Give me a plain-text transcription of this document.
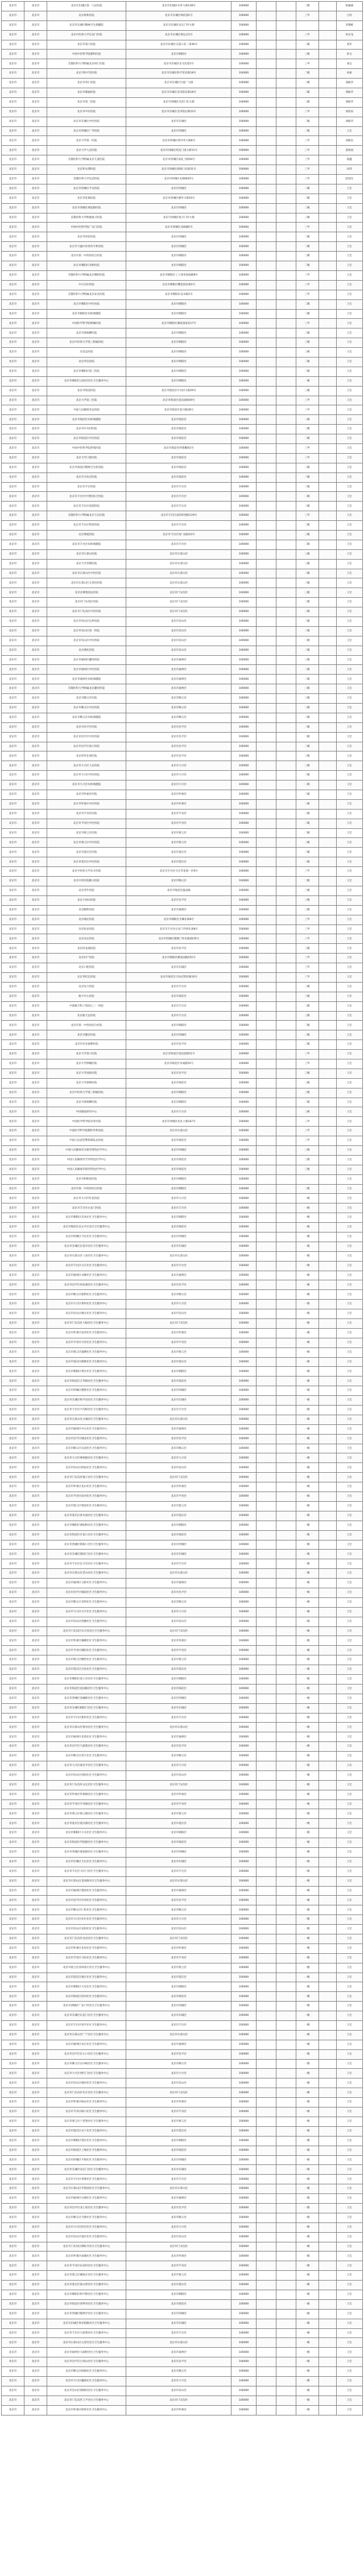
北京市	北京市	北京市东城区第一人民医院	北京市东城区永外大街138号	100000			二级		张颖丽
北京市	北京市	北京协和医院	北京市东城区帅府园1号	100000			三甲		吕亮
北京市	北京市	北京市东城区精神卫生保健院	北京市东城区安定门外大街	100000					李德栋
北京市	北京市	北京中医药大学东直门医院	北京市东城区海运仓5号	100000			三甲		孙京龙
北京市	北京市	北京市第六医院	北京市东城区交道口北二条36号	100000			二级		刘军
北京市	北京市	中国中医科学院眼科医院	北京市朝阳区	100000			三级		赵文
北京市	北京市	首都医科大学附属北京同仁医院	北京市东城区东交民巷1号	100000			三甲		刘志
北京市	北京市	北京市和平里医院	北京市东城区和平里北街18号	100000			二级		孙振
北京市	北京市	北京市普仁医院	北京市东城区台基厂大街	100000			二级		刘振华
北京市	北京市	北京市隆福医院	北京市东城区美术馆东街18号	100000			二级		刘振华
北京市	北京市	北京市第二医院	北京市西城区宣武门东大街	100000			二级		刘振华
北京市	北京市	北京市中医医院	北京市东城区美术馆后街23号	100000			三甲		刘清泉
北京市	北京市	北京市东城区中医医院	北京市东城区	100000			二级		刘振华
北京市	北京市	北京市西城区广外医院	北京市西城区	100000			二级		王宏
北京市	北京市	北京大学第一医院	北京市西城区西什库大街8号	100000			三甲		刘新民
北京市	北京市	北京大学人民医院	北京市西城区西直门南大街11号	100000			三甲		姜保国
北京市	北京市	首都医科大学附属北京儿童医院	北京市西城区南礼士路56号	100000			三甲		倪鑫
北京市	北京市	北京积水潭医院	北京市西城区新街口东街31号	100000			三甲		田伟
北京市	北京市	首都医科大学宣武医院	北京市西城区长椿街45号	100000			三甲		赵国光
北京市	北京市	北京市西城区平安医院	北京市西城区	100000			二级		王宏
北京市	北京市	北京市肛肠医院	北京市西城区德外大街16号	100000			二级		王宏
北京市	北京市	北京市西城区展览路医院	北京市西城区	100000			二级		王宏
北京市	北京市	首都医科大学附属复兴医院	北京市西城区复兴门外大街	100000			三级		王宏
北京市	北京市	中国中医科学院广安门医院	北京市西城区北线阁5号	100000			三甲		王宏
北京市	北京市	北京市回民医院	北京市西城区	100000			二级		王宏
北京市	北京市	北京市丰盛中医骨伤专科医院	北京市西城区	100000			二级		王宏
北京市	北京市	北京市第一中西医结合医院	北京市朝阳区	100000			二级		王宏
北京市	北京市	北京市朝阳区双桥医院	北京市朝阳区	100000			二级		王宏
北京市	北京市	首都医科大学附属北京朝阳医院	北京市朝阳区工人体育场南路8号	100000			三甲		王宏
北京市	北京市	中日友好医院	北京市朝阳区樱花园东街2号	100000			三甲		王宏
北京市	北京市	首都医科大学附属北京安贞医院	北京市朝阳区安贞路2号	100000			三甲		王宏
北京市	北京市	北京市朝阳区中医医院	北京市朝阳区	100000			二级		王宏
北京市	北京市	北京市朝阳区妇幼保健院	北京市朝阳区	100000			二级		王宏
北京市	北京市	中国医学科学院肿瘤医院	北京市朝阳区潘家园南里17号	100000			三甲		王宏
北京市	北京市	北京市垂杨柳医院	北京市朝阳区	100000			二级		王宏
北京市	北京市	北京中医药大学第三附属医院	北京市朝阳区	100000			三级		王宏
北京市	北京市	应急总医院	北京市朝阳区	100000			三级		王宏
北京市	北京市	北京华信医院	北京市朝阳区	100000			二级		王宏
北京市	北京市	北京市朝阳区第三医院	北京市朝阳区	100000			二级		王宏
北京市	北京市	北京市朝阳区太阳宫社区卫生服务中心	北京市朝阳区	100000			一级		王宏
北京市	北京市	北京市海淀医院	北京市海淀区中关村大街29号	100000			三级		王宏
北京市	北京市	北京大学第三医院	北京市海淀区花园北路49号	100000			三甲		王宏
北京市	北京市	中国人民解放军总医院	北京市海淀区复兴路28号	100000			三甲		王宏
北京市	北京市	北京市海淀区妇幼保健院	北京市海淀区	100000			二级		王宏
北京市	北京市	北京市中关村医院	北京市海淀区	100000			二级		王宏
北京市	北京市	北京市海淀区中医医院	北京市海淀区	100000			二级		王宏
北京市	北京市	中国中医科学院西苑医院	北京市海淀区西苑操场1号	100000			三甲		王宏
北京市	北京市	北京大学口腔医院	北京市海淀区	100000			三甲		王宏
北京市	北京市	北京市海淀区精神卫生防治院	北京市海淀区	100000			二级		王宏
北京市	北京市	北京市羊坊店医院	北京市海淀区	100000			二级		王宏
北京市	北京市	北京市丰台医院	北京市丰台区	100000			二级		王宏
北京市	北京市	北京市丰台区中西医结合医院	北京市丰台区	100000			二级		王宏
北京市	北京市	北京市丰台区南苑医院	北京市丰台区	100000			二级		王宏
北京市	北京市	首都医科大学附属北京天坛医院	北京市丰台区南四环西路119号	100000			三甲		王宏
北京市	北京市	北京市丰台区铁营医院	北京市丰台区	100000			二级		王宏
北京市	北京市	北京博爱医院	北京市丰台区角门北路10号	100000			三级		王宏
北京市	北京市	北京市丰台区妇幼保健院	北京市丰台区	100000			二级		王宏
北京市	北京市	北京市石景山医院	北京市石景山区	100000			三级		王宏
北京市	北京市	北京大学首钢医院	北京市石景山区	100000			三级		王宏
北京市	北京市	北京市石景山区中医医院	北京市石景山区	100000			二级		王宏
北京市	北京市	北京市石景山区五里坨医院	北京市石景山区	100000			二级		王宏
北京市	北京市	北京京煤集团总医院	北京市门头沟区	100000			三级		王宏
北京市	北京市	北京市门头沟区医院	北京市门头沟区	100000			二级		王宏
北京市	北京市	北京市门头沟区中医医院	北京市门头沟区	100000			二级		王宏
北京市	北京市	北京市房山区良乡医院	北京市房山区	100000			二级		王宏
北京市	北京市	北京市房山区第一医院	北京市房山区	100000			二级		王宏
北京市	北京市	北京市房山区中医医院	北京市房山区	100000			二级		王宏
北京市	北京市	北京燕化医院	北京市房山区	100000			二级		王宏
北京市	北京市	北京市通州区潞河医院	北京市通州区	100000			三级		王宏
北京市	北京市	北京市通州区中医医院	北京市通州区	100000			二级		王宏
北京市	北京市	北京市通州区妇幼保健院	北京市通州区	100000			二级		王宏
北京市	北京市	首都医科大学附属北京潞河医院	北京市通州区	100000			三级		王宏
北京市	北京市	北京市顺义区医院	北京市顺义区	100000			三级		王宏
北京市	北京市	北京市顺义区中医医院	北京市顺义区	100000			二级		王宏
北京市	北京市	北京市顺义区妇幼保健院	北京市顺义区	100000			二级		王宏
北京市	北京市	北京市昌平区医院	北京市昌平区	100000			二级		王宏
北京市	北京市	北京市昌平区中医医院	北京市昌平区	100000			二级		王宏
北京市	北京市	北京市昌平区南口医院	北京市昌平区	100000			二级		王宏
北京市	北京市	北京清华长庚医院	北京市昌平区	100000			三级		王宏
北京市	北京市	北京市大兴区人民医院	北京市大兴区	100000			三级		王宏
北京市	北京市	北京市大兴区中医医院	北京市大兴区	100000			二级		王宏
北京市	北京市	北京市大兴区妇幼保健院	北京市大兴区	100000			二级		王宏
北京市	北京市	北京市怀柔区医院	北京市怀柔区	100000			二级		王宏
北京市	北京市	北京市怀柔区中医医院	北京市怀柔区	100000			二级		王宏
北京市	北京市	北京市平谷区医院	北京市平谷区	100000			二级		王宏
北京市	北京市	北京市平谷区中医医院	北京市平谷区	100000			二级		王宏
北京市	北京市	北京市密云区医院	北京市密云区	100000			二级		王宏
北京市	北京市	北京市密云区中医医院	北京市密云区	100000			二级		王宏
北京市	北京市	北京市延庆区医院	北京市延庆区	100000			二级		王宏
北京市	北京市	北京市延庆区中医医院	北京市延庆区	100000			二级		王宏
北京市	北京市	北京中医药大学东方医院	北京市丰台区方庄芳星园一区6号	100000			三甲		王宏
北京市	北京市	北京中医医院顺义医院	北京市顺义区	100000			二级		王宏
北京市	北京市	北京老年医院	北京市海淀区温泉路	100000			三级		王宏
北京市	北京市	北京小汤山医院	北京市昌平区	100000			三级		王宏
北京市	北京市	北京胸科医院	北京市通州区	100000			三级		王宏
北京市	北京市	北京地坛医院	北京市朝阳区京顺东街8号	100000			三甲		王宏
北京市	北京市	北京佑安医院	北京市丰台区右安门外西头条8号	100000			三甲		王宏
北京市	北京市	北京安定医院	北京市西城区德胜门外安康胡同5号	100000			三甲		王宏
北京市	北京市	北京回龙观医院	北京市昌平区	100000			三级		王宏
北京市	北京市	北京妇产医院	北京市朝阳区姚家园路251号	100000			三甲		王宏
北京市	北京市	北京口腔医院	北京市东城区	100000			三甲		王宏
北京市	北京市	北京世纪坛医院	北京市海淀区羊坊店铁医路10号	100000			三甲		王宏
北京市	北京市	北京电力医院	北京市丰台区	100000			二级		王宏
北京市	北京市	航天中心医院	北京市海淀区	100000			三级		王宏
北京市	北京市	中国航天科工集团七三一医院	北京市丰台区	100000			二级		王宏
北京市	北京市	北京航天总医院	北京市丰台区	100000			三级		王宏
北京市	北京市	北京市第一中西医结合医院	北京市朝阳区	100000			二级		王宏
北京市	北京市	北京市健宫医院	北京市西城区	100000			二级		王宏
北京市	北京市	北京市社会福利医院	北京市昌平区	100000			二级		王宏
北京市	北京市	北京大学第六医院	北京市海淀区花园北路51号	100000			三甲		王宏
北京市	北京市	北京大学肿瘤医院	北京市海淀区阜成路52号	100000			三甲		王宏
北京市	北京市	北京大学国际医院	北京市昌平区	100000			三级		王宏
北京市	北京市	北京大学深圳医院	北京市海淀区	100000			三级		王宏
北京市	北京市	北京中医药大学第三附属医院	北京市朝阳区	100000			三级		王宏
北京市	北京市	北京市垂杨柳医院	北京市朝阳区	100000			二级		王宏
北京市	北京市	中国康复研究中心	北京市丰台区	100000			三级		王宏
北京市	北京市	中国医学科学院阜外医院	北京市西城区北礼士路167号	100000			三甲		王宏
北京市	北京市	中国医学科学院整形外科医院	北京市石景山区	100000			三甲		王宏
北京市	北京市	中国人民武装警察部队总医院	北京市海淀区	100000			三甲		王宏
北京市	北京市	中国人民解放军火箭军特色医学中心	北京市西城区	100000			三级		王宏
北京市	北京市	中国人民解放军空军特色医学中心	北京市海淀区	100000			三级		王宏
北京市	北京市	中国人民解放军海军特色医学中心	北京市海淀区	100000			三级		王宏
北京市	北京市	北京市和睦家医院	北京市朝阳区	100000					王宏
北京市	北京市	北京市第一中西医结合医院	北京市朝阳区	100000			二级		王宏
北京市	北京市	北京市大兴区红星医院	北京市大兴区	100000			一级		王宏
北京市	北京市	北京市丰台区右安门医院	北京市丰台区	100000			一级		王宏
北京市	北京市	北京市朝阳区东风社区卫生服务中心	北京市朝阳区	100000			一级		王宏
北京市	北京市	北京市海淀区北太平庄社区卫生服务中心	北京市海淀区	100000			一级		王宏
北京市	北京市	北京市西城区月坛社区卫生服务中心	北京市西城区	100000			一级		王宏
北京市	北京市	北京市东城区东花市社区卫生服务中心	北京市东城区	100000			一级		王宏
北京市	北京市	北京市石景山区八角社区卫生服务中心	北京市石景山区	100000			一级		王宏
北京市	北京市	北京市丰台区方庄社区卫生服务中心	北京市丰台区	100000			一级		王宏
北京市	北京市	北京市通州区永顺社区卫生服务中心	北京市通州区	100000			一级		王宏
北京市	北京市	北京市昌平区回龙观社区卫生服务中心	北京市昌平区	100000			一级		王宏
北京市	北京市	北京市顺义区胜利社区卫生服务中心	北京市顺义区	100000			一级		王宏
北京市	北京市	北京市大兴区黄村社区卫生服务中心	北京市大兴区	100000			一级		王宏
北京市	北京市	北京市房山区城关社区卫生服务中心	北京市房山区	100000			一级		王宏
北京市	北京市	北京市门头沟区大峪社区卫生服务中心	北京市门头沟区	100000			一级		王宏
北京市	北京市	北京市怀柔区泉河社区卫生服务中心	北京市怀柔区	100000			一级		王宏
北京市	北京市	北京市平谷区兴谷社区卫生服务中心	北京市平谷区	100000			一级		王宏
北京市	北京市	北京市密云区鼓楼社区卫生服务中心	北京市密云区	100000			一级		王宏
北京市	北京市	北京市延庆区儒林社区卫生服务中心	北京市延庆区	100000			一级		王宏
北京市	北京市	北京市朝阳区将台社区卫生服务中心	北京市朝阳区	100000			一级		王宏
北京市	北京市	北京市海淀区万寿路社区卫生服务中心	北京市海淀区	100000			一级		王宏
北京市	北京市	北京市西城区德胜社区卫生服务中心	北京市西城区	100000			一级		王宏
北京市	北京市	北京市东城区和平里社区卫生服务中心	北京市东城区	100000			一级		王宏
北京市	北京市	北京市丰台区卢沟桥社区卫生服务中心	北京市丰台区	100000			一级		王宏
北京市	北京市	北京市石景山区古城社区卫生服务中心	北京市石景山区	100000			一级		王宏
北京市	北京市	北京市通州区中仓社区卫生服务中心	北京市通州区	100000			一级		王宏
北京市	北京市	北京市昌平区城北社区卫生服务中心	北京市昌平区	100000			一级		王宏
北京市	北京市	北京市顺义区石园社区卫生服务中心	北京市顺义区	100000			一级		王宏
北京市	北京市	北京市大兴区林校路社区卫生服务中心	北京市大兴区	100000			一级		王宏
北京市	北京市	北京市房山区拱辰社区卫生服务中心	北京市房山区	100000			一级		王宏
北京市	北京市	北京市门头沟区城子社区卫生服务中心	北京市门头沟区	100000			一级		王宏
北京市	北京市	北京市怀柔区龙山社区卫生服务中心	北京市怀柔区	100000			一级		王宏
北京市	北京市	北京市平谷区滨河社区卫生服务中心	北京市平谷区	100000			一级		王宏
北京市	北京市	北京市密云区果园社区卫生服务中心	北京市密云区	100000			一级		王宏
北京市	北京市	北京市延庆区香水园社区卫生服务中心	北京市延庆区	100000			一级		王宏
北京市	北京市	北京市朝阳区酒仙桥社区卫生服务中心	北京市朝阳区	100000			一级		王宏
北京市	北京市	北京市海淀区甘家口社区卫生服务中心	北京市海淀区	100000			一级		王宏
北京市	北京市	北京市西城区新街口社区卫生服务中心	北京市西城区	100000			一级		王宏
北京市	北京市	北京市东城区建国门社区卫生服务中心	北京市东城区	100000			一级		王宏
北京市	北京市	北京市丰台区长辛店社区卫生服务中心	北京市丰台区	100000			一级		王宏
北京市	北京市	北京市石景山区老山社区卫生服务中心	北京市石景山区	100000			一级		王宏
北京市	北京市	北京市通州区玉桥社区卫生服务中心	北京市通州区	100000			一级		王宏
北京市	北京市	北京市昌平区城南社区卫生服务中心	北京市昌平区	100000			一级		王宏
北京市	北京市	北京市顺义区光明社区卫生服务中心	北京市顺义区	100000			一级		王宏
北京市	北京市	北京市大兴区兴丰社区卫生服务中心	北京市大兴区	100000			一级		王宏
北京市	北京市	北京市房山区西潞社区卫生服务中心	北京市房山区	100000			一级		王宏
北京市	北京市	北京市门头沟区东辛房社区卫生服务中心	北京市门头沟区	100000			一级		王宏
北京市	北京市	北京市怀柔区雁栖社区卫生服务中心	北京市怀柔区	100000			一级		王宏
北京市	北京市	北京市平谷区渔阳社区卫生服务中心	北京市平谷区	100000			一级		王宏
北京市	北京市	北京市密云区檀营社区卫生服务中心	北京市密云区	100000			一级		王宏
北京市	北京市	北京市延庆区百泉社区卫生服务中心	北京市延庆区	100000			一级		王宏
北京市	北京市	北京市朝阳区麦子店社区卫生服务中心	北京市朝阳区	100000			一级		王宏
北京市	北京市	北京市海淀区花园路社区卫生服务中心	北京市海淀区	100000			一级		王宏
北京市	北京市	北京市西城区金融街社区卫生服务中心	北京市西城区	100000			一级		王宏
北京市	北京市	北京市东城区朝阳门社区卫生服务中心	北京市东城区	100000			一级		王宏
北京市	北京市	北京市丰台区新村社区卫生服务中心	北京市丰台区	100000			一级		王宏
北京市	北京市	北京市石景山区鲁谷社区卫生服务中心	北京市石景山区	100000			一级		王宏
北京市	北京市	北京市通州区北苑社区卫生服务中心	北京市通州区	100000			一级		王宏
北京市	北京市	北京市昌平区天通苑社区卫生服务中心	北京市昌平区	100000			一级		王宏
北京市	北京市	北京市顺义区双丰社区卫生服务中心	北京市顺义区	100000			一级		王宏
北京市	北京市	北京市大兴区观音寺社区卫生服务中心	北京市大兴区	100000			一级		王宏
北京市	北京市	北京市房山区向阳社区卫生服务中心	北京市房山区	100000			一级		王宏
北京市	北京市	北京市门头沟区永定社区卫生服务中心	北京市门头沟区	100000			一级		王宏
北京市	北京市	北京市怀柔区怀柔镇社区卫生服务中心	北京市怀柔区	100000			一级		王宏
北京市	北京市	北京市平谷区平谷镇社区卫生服务中心	北京市平谷区	100000			一级		王宏
北京市	北京市	北京市密云区密云镇社区卫生服务中心	北京市密云区	100000			一级		王宏
北京市	北京市	北京市延庆区延庆镇社区卫生服务中心	北京市延庆区	100000			一级		王宏
北京市	北京市	北京市朝阳区小关社区卫生服务中心	北京市朝阳区	100000			一级		王宏
北京市	北京市	北京市海淀区学院路社区卫生服务中心	北京市海淀区	100000			一级		王宏
北京市	北京市	北京市西城区展览路社区卫生服务中心	北京市西城区	100000			一级		王宏
北京市	北京市	北京市东城区天坛社区卫生服务中心	北京市东城区	100000			一级		王宏
北京市	北京市	北京市丰台区大红门社区卫生服务中心	北京市丰台区	100000			一级		王宏
北京市	北京市	北京市石景山区金顶街社区卫生服务中心	北京市石景山区	100000			一级		王宏
北京市	北京市	北京市通州区梨园社区卫生服务中心	北京市通州区	100000			一级		王宏
北京市	北京市	北京市昌平区沙河社区卫生服务中心	北京市昌平区	100000			一级		王宏
北京市	北京市	北京市顺义区仁和社区卫生服务中心	北京市顺义区	100000			一级		王宏
北京市	北京市	北京市大兴区亦庄社区卫生服务中心	北京市大兴区	100000			一级		王宏
北京市	北京市	北京市房山区长阳社区卫生服务中心	北京市房山区	100000			一级		王宏
北京市	北京市	北京市门头沟区龙泉社区卫生服务中心	北京市门头沟区	100000			一级		王宏
北京市	北京市	北京市怀柔区北房社区卫生服务中心	北京市怀柔区	100000			一级		王宏
北京市	北京市	北京市平谷区马坊社区卫生服务中心	北京市平谷区	100000			一级		王宏
北京市	北京市	北京市密云区西田各庄社区卫生服务中心	北京市密云区	100000			一级		王宏
北京市	北京市	北京市延庆区康庄社区卫生服务中心	北京市延庆区	100000			一级		王宏
北京市	北京市	北京市朝阳区大屯社区卫生服务中心	北京市朝阳区	100000			一级		王宏
北京市	北京市	北京市海淀区清河社区卫生服务中心	北京市海淀区	100000			一级		王宏
北京市	北京市	北京市西城区广安门外社区卫生服务中心	北京市西城区	100000			一级		王宏
北京市	北京市	北京市东城区东直门社区卫生服务中心	北京市东城区	100000			一级		王宏
北京市	北京市	北京市丰台区宛平社区卫生服务中心	北京市丰台区	100000			一级		王宏
北京市	北京市	北京市石景山区广宁社区卫生服务中心	北京市石景山区	100000			一级		王宏
北京市	北京市	北京市通州区宋庄社区卫生服务中心	北京市通州区	100000			一级		王宏
北京市	北京市	北京市昌平区东小口社区卫生服务中心	北京市昌平区	100000			一级		王宏
北京市	北京市	北京市顺义区后沙峪社区卫生服务中心	北京市顺义区	100000			一级		王宏
北京市	北京市	北京市大兴区西红门社区卫生服务中心	北京市大兴区	100000			一级		王宏
北京市	北京市	北京市房山区阎村社区卫生服务中心	北京市房山区	100000			一级		王宏
北京市	北京市	北京市门头沟区军庄社区卫生服务中心	北京市门头沟区	100000			一级		王宏
北京市	北京市	北京市怀柔区杨宋社区卫生服务中心	北京市怀柔区	100000			一级		王宏
北京市	北京市	北京市平谷区峪口社区卫生服务中心	北京市平谷区	100000			一级		王宏
北京市	北京市	北京市密云区十里堡社区卫生服务中心	北京市密云区	100000			一级		王宏
北京市	北京市	北京市延庆区永宁社区卫生服务中心	北京市延庆区	100000			一级		王宏
北京市	北京市	北京市朝阳区望京社区卫生服务中心	北京市朝阳区	100000			一级		王宏
北京市	北京市	北京市海淀区上地社区卫生服务中心	北京市海淀区	100000			一级		王宏
北京市	北京市	北京市西城区牛街社区卫生服务中心	北京市西城区	100000			一级		王宏
北京市	北京市	北京市东城区安定门社区卫生服务中心	北京市东城区	100000			一级		王宏
北京市	北京市	北京市丰台区青塔社区卫生服务中心	北京市丰台区	100000			一级		王宏
北京市	北京市	北京市石景山区苹果园社区卫生服务中心	北京市石景山区	100000			一级		王宏
北京市	北京市	北京市通州区台湖社区卫生服务中心	北京市通州区	100000			一级		王宏
北京市	北京市	北京市昌平区北七家社区卫生服务中心	北京市昌平区	100000			一级		王宏
北京市	北京市	北京市顺义区空港社区卫生服务中心	北京市顺义区	100000			一级		王宏
北京市	北京市	北京市大兴区旧宫社区卫生服务中心	北京市大兴区	100000			一级		王宏
北京市	北京市	北京市房山区窦店社区卫生服务中心	北京市房山区	100000			一级		王宏
北京市	北京市	北京市门头沟区潭柘寺社区卫生服务中心	北京市门头沟区	100000			一级		王宏
北京市	北京市	北京市怀柔区庙城社区卫生服务中心	北京市怀柔区	100000			一级		王宏
北京市	北京市	北京市平谷区东高村社区卫生服务中心	北京市平谷区	100000			一级		王宏
北京市	北京市	北京市密云区溪翁庄社区卫生服务中心	北京市密云区	100000			一级		王宏
北京市	北京市	北京市延庆区张山营社区卫生服务中心	北京市延庆区	100000			一级		王宏
北京市	北京市	北京市朝阳区和平街社区卫生服务中心	北京市朝阳区	100000			一级		王宏
北京市	北京市	北京市海淀区四季青社区卫生服务中心	北京市海淀区	100000			一级		王宏
北京市	北京市	北京市西城区陶然亭社区卫生服务中心	北京市西城区	100000			一级		王宏
北京市	北京市	北京市东城区体育馆路社区卫生服务中心	北京市东城区	100000			一级		王宏
北京市	北京市	北京市丰台区马家堡社区卫生服务中心	北京市丰台区	100000			一级		王宏
北京市	北京市	北京市石景山区五里坨社区卫生服务中心	北京市石景山区	100000			一级		王宏
北京市	北京市	北京市通州区马驹桥社区卫生服务中心	北京市通州区	100000			一级		王宏
北京市	北京市	北京市昌平区小汤山社区卫生服务中心	北京市昌平区	100000			一级		王宏
北京市	北京市	北京市顺义区杨镇社区卫生服务中心	北京市顺义区	100000			一级		王宏
北京市	北京市	北京市大兴区瀛海社区卫生服务中心	北京市大兴区	100000			一级		王宏
北京市	北京市	北京市房山区琉璃河社区卫生服务中心	北京市房山区	100000			一级		王宏
北京市	北京市	北京市门头沟区王平社区卫生服务中心	北京市门头沟区	100000			一级		王宏
北京市	北京市	北京市怀柔区桥梓社区卫生服务中心	北京市怀柔区	100000			一级		王宏
